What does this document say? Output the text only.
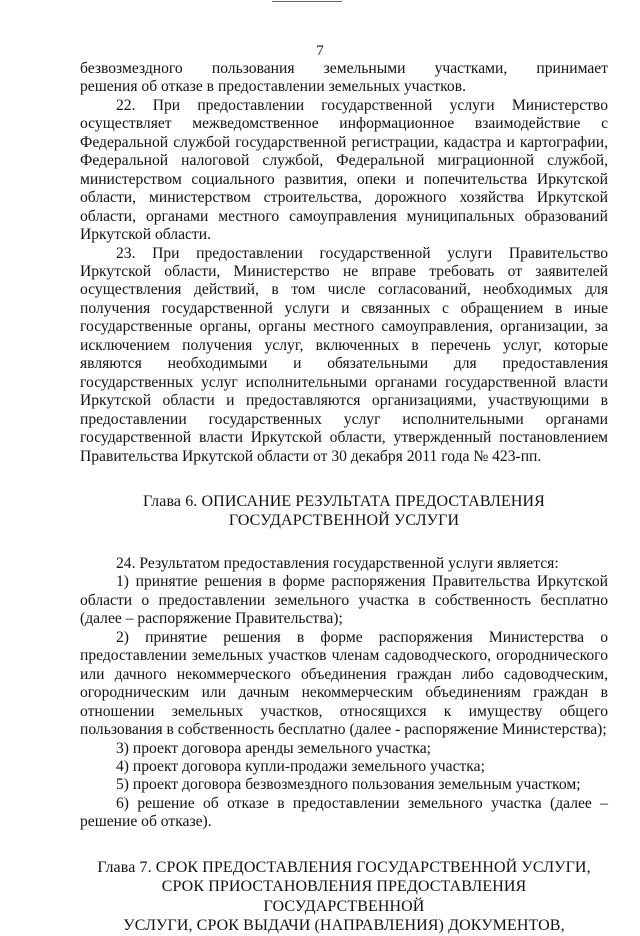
7

безвозмездного пользования земельными участками, принимает

решения об отказе в предоставлении земельных участков.

22. При предоставлении государственной услуги Министерство

осуществляет межведомственное информационное взаимодействие с

Федеральной службой государственной регистрации, кадастра и картографии,

Федеральной налоговой службой, Федеральной миграционной службой,

министерством социального развития, опеки и попечительства Иркутской

области, министерством строительства, дорожного хозяйства Иркутской

области, органами местного самоуправления муниципальных образований

Иркутской области.

23. При предоставлении государственной услуги Правительство

Иркутской области, Министерство не вправе требовать от заявителей

осуществления действий, в том числе согласований, необходимых для

получения государственной услуги и связанных с обращением в иные

государственные органы, органы местного самоуправления, организации, за

исключением получения услуг, включенных в перечень услуг, которые

являются необходимыми и обязательными для предоставления

государственных услуг исполнительными органами государственной власти

Иркутской области и предоставляются организациями, участвующими в

предоставлении государственных услуг исполнительными органами

государственной власти Иркутской области, утвержденный постановлением

Правительства Иркутской области от 30 декабря 2011 года № 423-пп.

Глава 6. ОПИСАНИЕ РЕЗУЛЬТАТА ПРЕДОСТАВЛЕНИЯ

ГОСУДАРСТВЕННОЙ УСЛУГИ

24. Результатом предоставления государственной услуги является:

1) принятие решения в форме распоряжения Правительства Иркутской

области о предоставлении земельного участка в собственность бесплатно

(далее – распоряжение Правительства);

2) принятие решения в форме распоряжения Министерства о

предоставлении земельных участков членам садоводческого, огороднического

или дачного некоммерческого объединения граждан либо садоводческим,

огородническим или дачным некоммерческим объединениям граждан в

отношении земельных участков, относящихся к имуществу общего

пользования в собственность бесплатно (далее - распоряжение Министерства);

3) проект договора аренды земельного участка;

4) проект договора купли-продажи земельного участка;

5) проект договора безвозмездного пользования земельным участком;

6) решение об отказе в предоставлении земельного участка (далее –

решение об отказе).

Глава 7. СРОК ПРЕДОСТАВЛЕНИЯ ГОСУДАРСТВЕННОЙ УСЛУГИ,

СРОК ПРИОСТАНОВЛЕНИЯ ПРЕДОСТАВЛЕНИЯ ГОСУДАРСТВЕННОЙ

УСЛУГИ, СРОК ВЫДАЧИ (НАПРАВЛЕНИЯ) ДОКУМЕНТОВ,
